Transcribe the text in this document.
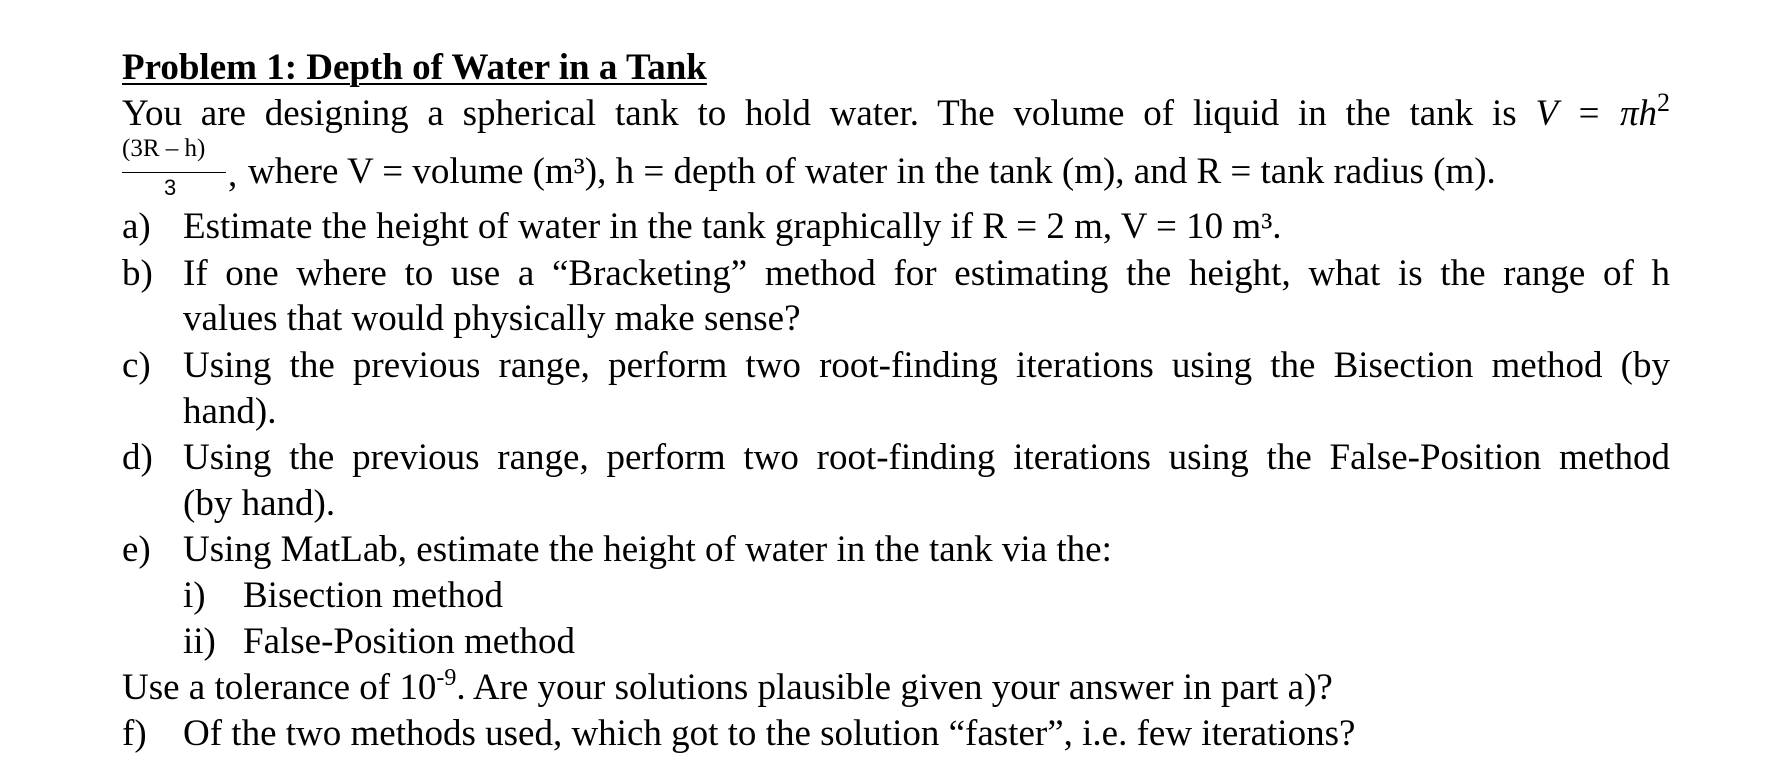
Problem 1: Depth of Water in a Tank
You are designing a spherical tank to hold water. The volume of liquid in the tank is $V = \pi h^2$
(3R – h)
3 , where V = volume (m³), h = depth of water in the tank (m), and R = tank radius (m).
a) Estimate the height of water in the tank graphically if R = 2 m, V = 10 m³.
b) If one where to use a “Bracketing” method for estimating the height, what is the range of h
values that would physically make sense?
c) Using the previous range, perform two root-finding iterations using the Bisection method (by
hand).
d) Using the previous range, perform two root-finding iterations using the False-Position method
(by hand).
e) Using MatLab, estimate the height of water in the tank via the:
i) Bisection method
ii) False-Position method
Use a tolerance of $10^{-9}$. Are your solutions plausible given your answer in part a)?
f) Of the two methods used, which got to the solution “faster”, i.e. few iterations?
